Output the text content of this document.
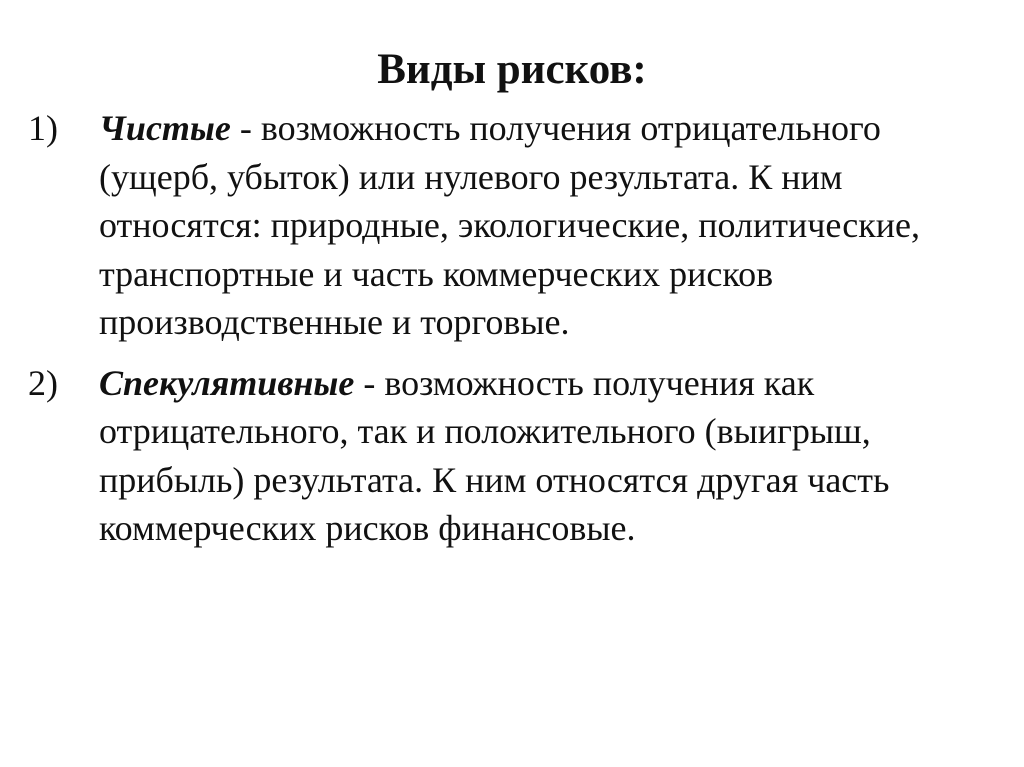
Виды рисков:
1) Чистые - возможность получения отрицательного (ущерб, убыток) или нулевого результата. К ним относятся: природные, экологические, политические, транспортные и часть коммерческих рисков производственные и торговые.
2) Спекулятивные - возможность получения как отрицательного, так и положительного (выигрыш, прибыль) результата. К ним относятся другая часть коммерческих рисков финансовые.
